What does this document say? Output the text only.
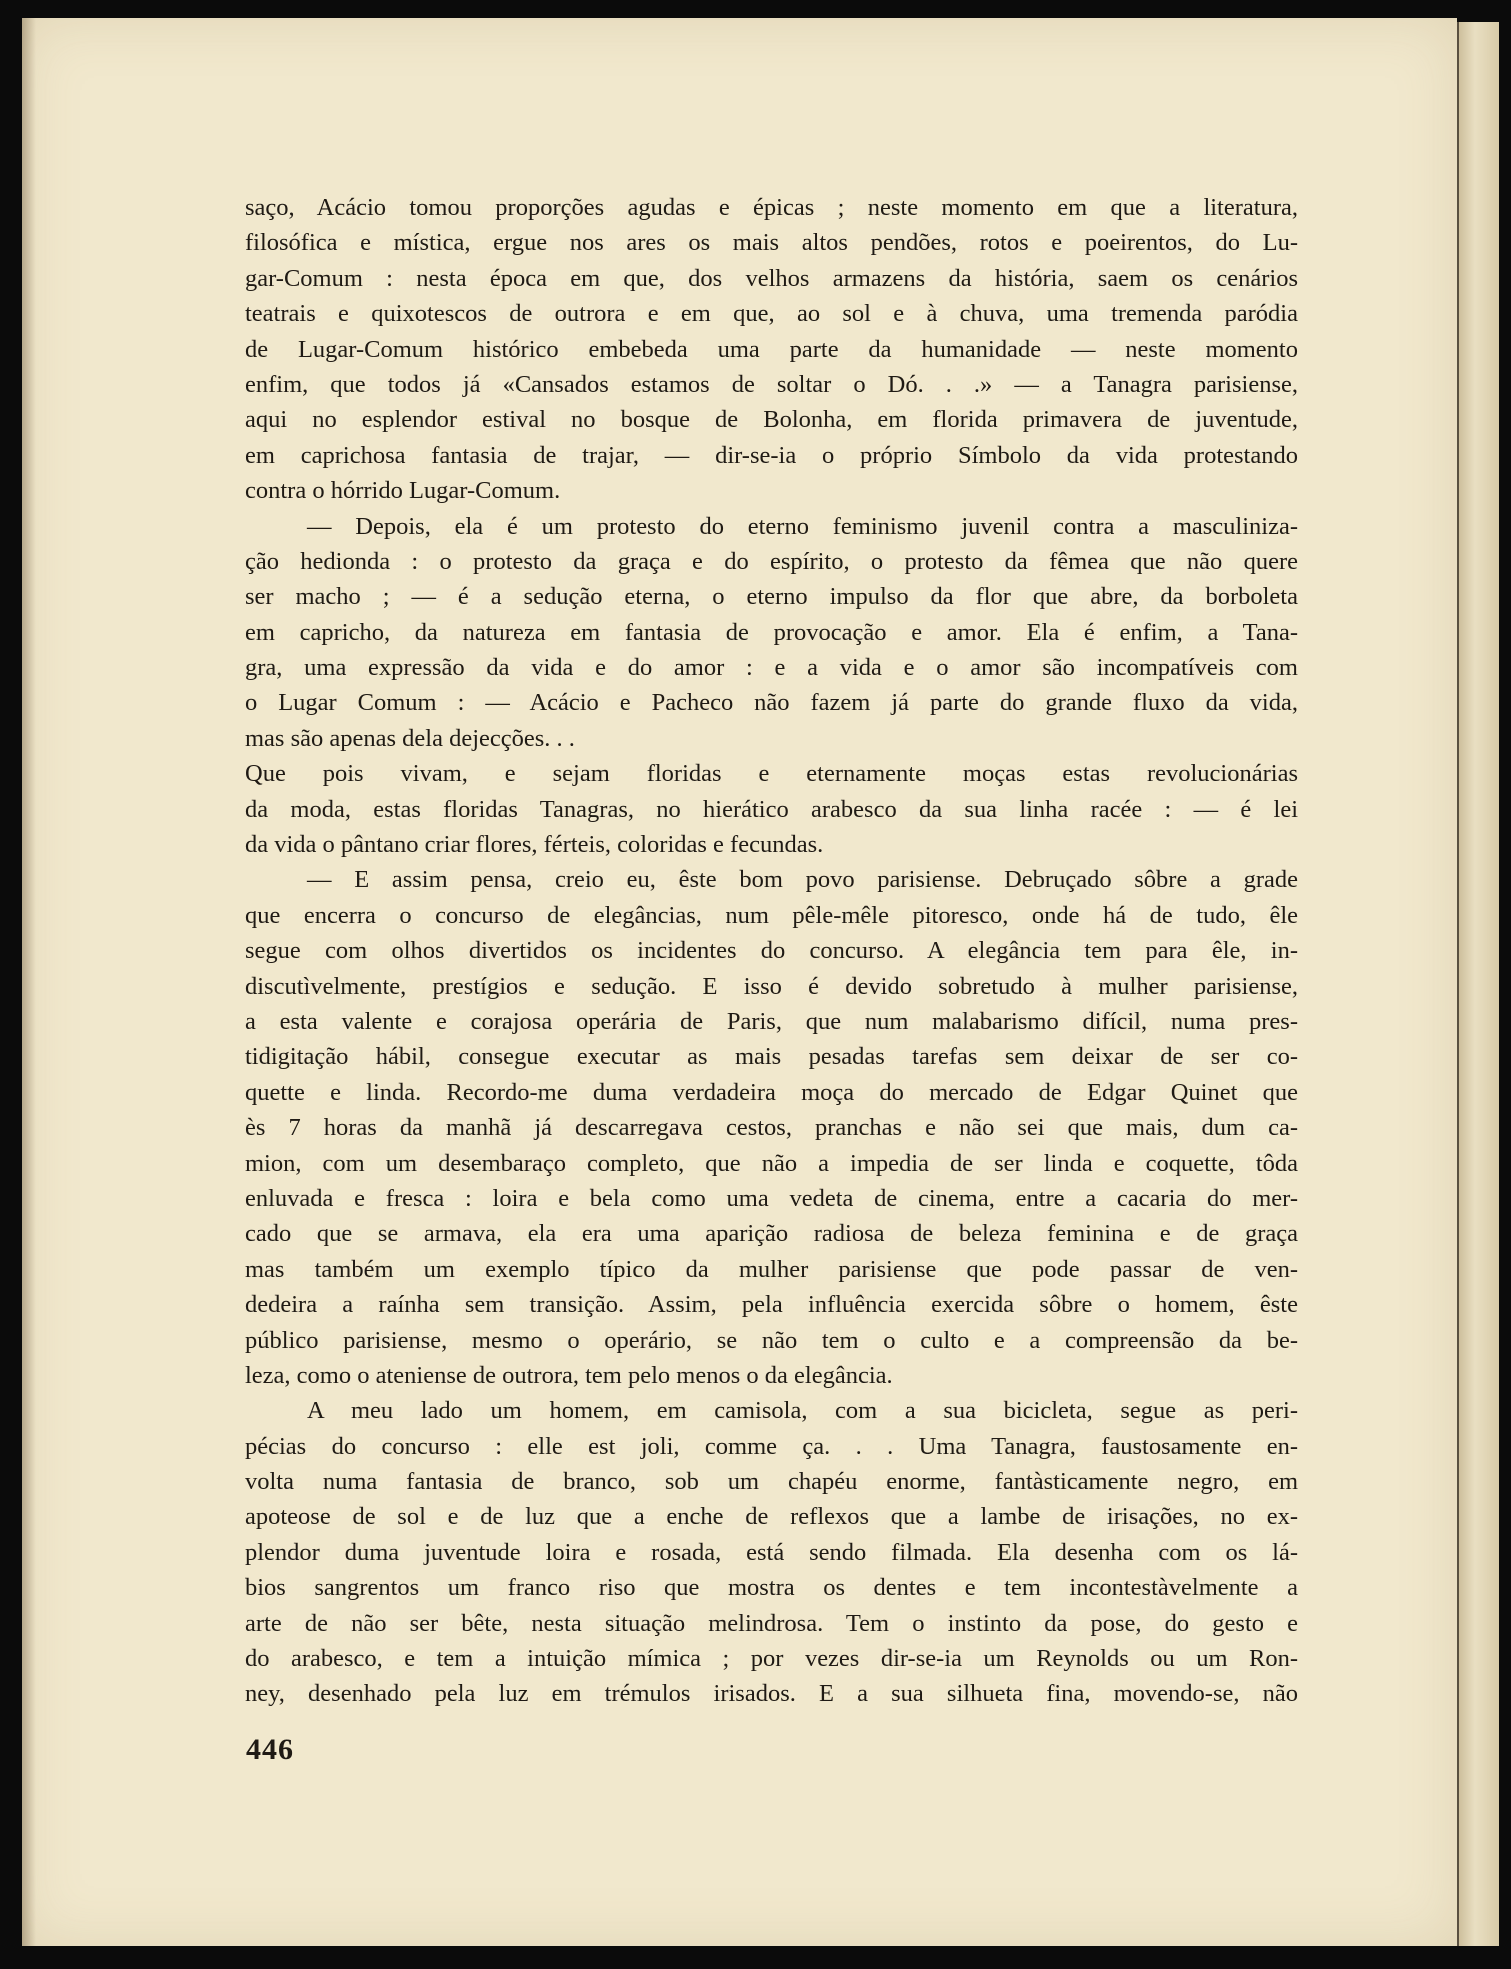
saço, Acácio tomou proporções agudas e épicas ; neste momento em que a literatura,
filosófica e mística, ergue nos ares os mais altos pendões, rotos e poeirentos, do Lu-
gar-Comum : nesta época em que, dos velhos armazens da história, saem os cenários
teatrais e quixotescos de outrora e em que, ao sol e à chuva, uma tremenda paródia
de Lugar-Comum histórico embebeda uma parte da humanidade — neste momento
enfim, que todos já «Cansados estamos de soltar o Dó. . .» — a Tanagra parisiense,
aqui no esplendor estival no bosque de Bolonha, em florida primavera de juventude,
em caprichosa fantasia de trajar, — dir-se-ia o próprio Símbolo da vida protestando
contra o hórrido Lugar-Comum.
— Depois, ela é um protesto do eterno feminismo juvenil contra a masculiniza-
ção hedionda : o protesto da graça e do espírito, o protesto da fêmea que não quere
ser macho ; — é a sedução eterna, o eterno impulso da flor que abre, da borboleta
em capricho, da natureza em fantasia de provocação e amor. Ela é enfim, a Tana-
gra, uma expressão da vida e do amor : e a vida e o amor são incompatíveis com
o Lugar Comum : — Acácio e Pacheco não fazem já parte do grande fluxo da vida,
mas são apenas dela dejecções. . .
Que pois vivam, e sejam floridas e eternamente moças estas revolucionárias
da moda, estas floridas Tanagras, no hierático arabesco da sua linha racée : — é lei
da vida o pântano criar flores, férteis, coloridas e fecundas.
— E assim pensa, creio eu, êste bom povo parisiense. Debruçado sôbre a grade
que encerra o concurso de elegâncias, num pêle-mêle pitoresco, onde há de tudo, êle
segue com olhos divertidos os incidentes do concurso. A elegância tem para êle, in-
discutìvelmente, prestígios e sedução. E isso é devido sobretudo à mulher parisiense,
a esta valente e corajosa operária de Paris, que num malabarismo difícil, numa pres-
tidigitação hábil, consegue executar as mais pesadas tarefas sem deixar de ser co-
quette e linda. Recordo-me duma verdadeira moça do mercado de Edgar Quinet que
ès 7 horas da manhã já descarregava cestos, pranchas e não sei que mais, dum ca-
mion, com um desembaraço completo, que não a impedia de ser linda e coquette, tôda
enluvada e fresca : loira e bela como uma vedeta de cinema, entre a cacaria do mer-
cado que se armava, ela era uma aparição radiosa de beleza feminina e de graça
mas também um exemplo típico da mulher parisiense que pode passar de ven-
dedeira a raínha sem transição. Assim, pela influência exercida sôbre o homem, êste
público parisiense, mesmo o operário, se não tem o culto e a compreensão da be-
leza, como o ateniense de outrora, tem pelo menos o da elegância.
A meu lado um homem, em camisola, com a sua bicicleta, segue as peri-
pécias do concurso : elle est joli, comme ça. . . Uma Tanagra, faustosamente en-
volta numa fantasia de branco, sob um chapéu enorme, fantàsticamente negro, em
apoteose de sol e de luz que a enche de reflexos que a lambe de irisações, no ex-
plendor duma juventude loira e rosada, está sendo filmada. Ela desenha com os lá-
bios sangrentos um franco riso que mostra os dentes e tem incontestàvelmente a
arte de não ser bête, nesta situação melindrosa. Tem o instinto da pose, do gesto e
do arabesco, e tem a intuição mímica ; por vezes dir-se-ia um Reynolds ou um Ron-
ney, desenhado pela luz em trémulos irisados. E a sua silhueta fina, movendo-se, não
446
